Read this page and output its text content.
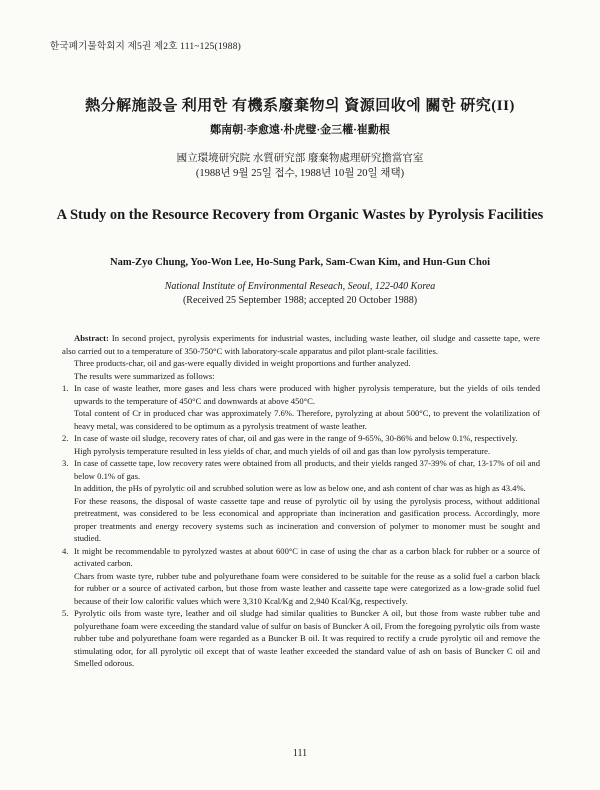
한국폐기물학회지 제5권 제2호 111~125(1988)
熱分解施設을 利用한 有機系廢棄物의 資源回收에 關한 硏究(II)
鄭南朝·李愈遠·朴虎璧·金三權·崔勳根
國立環境研究院 水質研究部 廢棄物處理研究擔當官室
(1988년 9월 25일 접수, 1988년 10월 20일 채택)
A Study on the Resource Recovery from Organic Wastes by Pyrolysis Facilities
Nam-Zyo Chung, Yoo-Won Lee, Ho-Sung Park, Sam-Cwan Kim, and Hun-Gun Choi
National Institute of Environmental Reseach, Seoul, 122-040 Korea
(Received 25 September 1988; accepted 20 October 1988)

Abstract: In second project, pyrolysis experiments for industrial wastes, including waste leather, oil sludge and cassette tape, were also carried out to a temperature of 350-750°C with laboratory-scale apparatus and pilot plant-scale facilities.

Three products-char, oil and gas-were equally divided in weight proportions and further analyzed.

The results were summarized as follows:

1. In case of waste leather, more gases and less chars were produced with higher pyrolysis temperature, but the yields of oils tended upwards to the temperature of 450°C and downwards at above 450°C.

Total content of Cr in produced char was approximately 7.6%. Therefore, pyrolyzing at about 500°C, to prevent the volatilization of heavy metal, was considered to be optimum as a pyrolysis treatment of waste leather.

2. In case of waste oil sludge, recovery rates of char, oil and gas were in the range of 9-65%, 30-86% and below 0.1%, respectively.

High pyrolysis temperature resulted in less yields of char, and much yields of oil and gas than low pyrolysis temperature.

3. In case of cassette tape, low recovery rates were obtained from all products, and their yields ranged 37-39% of char, 13-17% of oil and below 0.1% of gas.

In addition, the pHs of pyrolytic oil and scrubbed solution were as low as below one, and ash content of char was as high as 43.4%.

For these reasons, the disposal of waste cassette tape and reuse of pyrolytic oil by using the pyrolysis process, without additional pretreatment, was considered to be less economical and appropriate than incineration and gasification process. Accordingly, more proper treatments and energy recovery systems such as incineration and conversion of polymer to monomer must be sought and studied.

4. It might be recommendable to pyrolyzed wastes at about 600°C in case of using the char as a carbon black for rubber or a source of activated carbon.

Chars from waste tyre, rubber tube and polyurethane foam were considered to be suitable for the reuse as a solid fuel a carbon black for rubber or a source of activated carbon, but those from waste leather and cassette tape were categorized as a low-grade solid fuel because of their low calorific values which were 3,310 Kcal/Kg and 2,940 Kcal/Kg, respectively.

5. Pyrolytic oils from waste tyre, leather and oil sludge had similar qualities to Buncker A oil, but those from waste rubber tube and polyurethane foam were exceeding the standard value of sulfur on basis of Buncker A oil, From the foregoing pyrolytic oils from waste rubber tube and polyurethane foam were regarded as a Buncker B oil. It was required to rectify a crude pyrolytic oil and remove the stimulating odor, for all pyrolytic oil except that of waste leather exceeded the standard value of ash on basis of Buncker C oil and Smelled odorous.

111
